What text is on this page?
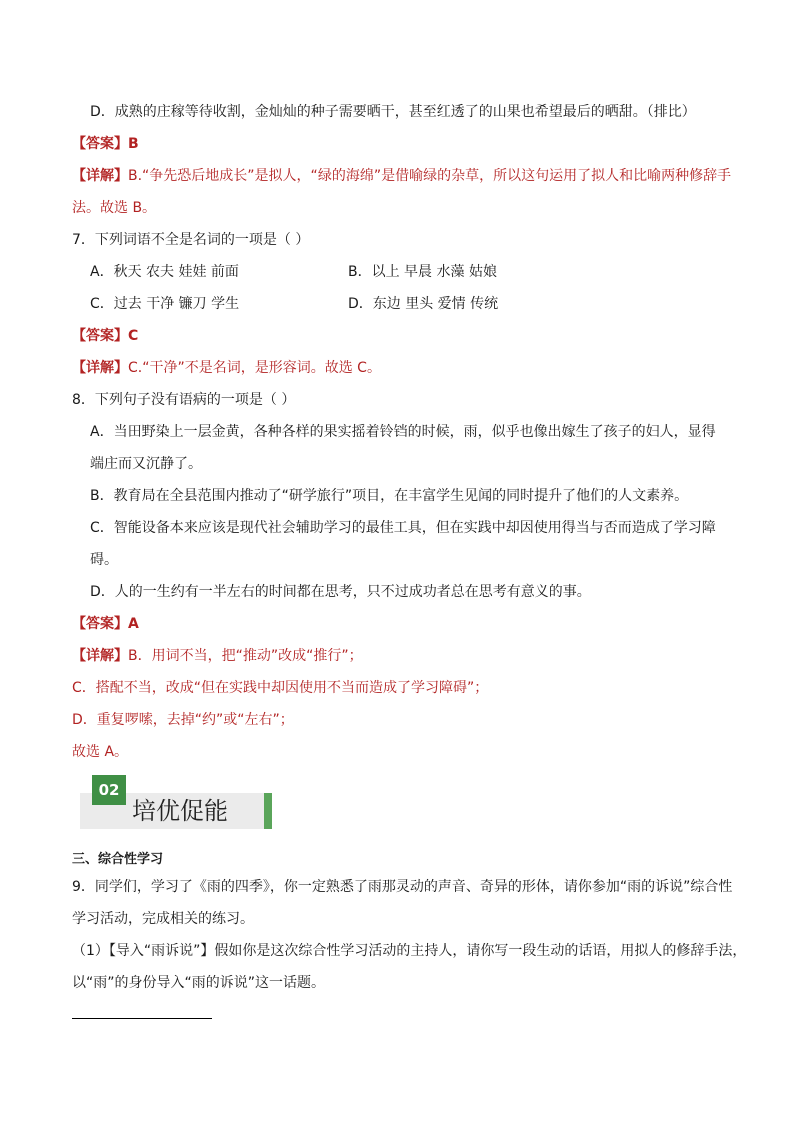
D．成熟的庄稼等待收割，金灿灿的种子需要晒干，甚至红透了的山果也希望最后的晒甜。（排比）
【答案】B
【详解】B.“争先恐后地成长”是拟人，“绿的海绵”是借喻绿的杂草，所以这句运用了拟人和比喻两种修辞手
法。故选 B。
7．下列词语不全是名词的一项是（ ）
A．秋天 农夫 娃娃 前面	B．以上 早晨 水藻 姑娘
C．过去 干净 镰刀 学生	D．东边 里头 爱情 传统
【答案】C
【详解】C.“干净”不是名词，是形容词。故选 C。
8．下列句子没有语病的一项是（ ）
A．当田野染上一层金黄，各种各样的果实摇着铃铛的时候，雨，似乎也像出嫁生了孩子的妇人，显得
端庄而又沉静了。
B．教育局在全县范围内推动了“研学旅行”项目，在丰富学生见闻的同时提升了他们的人文素养。
C．智能设备本来应该是现代社会辅助学习的最佳工具，但在实践中却因使用得当与否而造成了学习障
碍。
D．人的一生约有一半左右的时间都在思考，只不过成功者总在思考有意义的事。
【答案】A
【详解】B．用词不当，把“推动”改成“推行”；
C．搭配不当，改成“但在实践中却因使用不当而造成了学习障碍”；
D．重复啰嗦，去掉“约”或“左右”；
故选 A。
02
培优促能
三、综合性学习
9．同学们，学习了《雨的四季》，你一定熟悉了雨那灵动的声音、奇异的形体，请你参加“雨的诉说”综合性
学习活动，完成相关的练习。
（1）【导入“雨诉说”】假如你是这次综合性学习活动的主持人，请你写一段生动的话语，用拟人的修辞手法，
以“雨”的身份导入“雨的诉说”这一话题。
